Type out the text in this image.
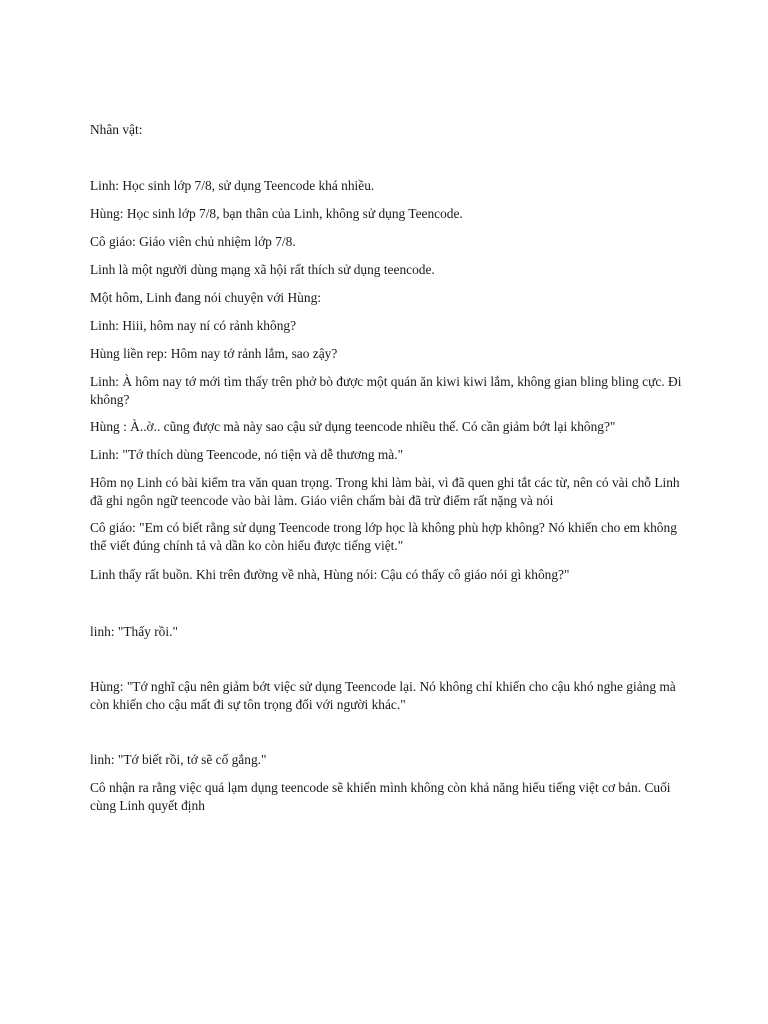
Nhân vật:

Linh: Học sinh lớp 7/8, sử dụng Teencode khá nhiều.

Hùng: Học sinh lớp 7/8, bạn thân của Linh, không sử dụng Teencode.

Cô giáo: Giáo viên chủ nhiệm lớp 7/8.

Linh là một người dùng mạng xã hội rất thích sử dụng teencode.

Một hôm, Linh đang nói chuyện với Hùng:

Linh: Hiii, hôm nay ní có rảnh không?

Hùng liền rep: Hôm nay tớ rảnh lắm, sao zậy?

Linh: À hôm nay tớ mới tìm thấy trên phở bò được một quán ăn kiwi kiwi lắm, không gian bling bling cực. Đi không?

Hùng : À..ờ.. cũng được mà này sao cậu sử dụng teencode nhiều thế. Có cần giảm bớt lại không?"

Linh: "Tớ thích dùng Teencode, nó tiện và dễ thương mà."

Hôm nọ Linh có bài kiểm tra văn quan trọng. Trong khi làm bài, vì đã quen ghi tắt các từ, nên có vài chỗ Linh đã ghi ngôn ngữ teencode vào bài làm. Giáo viên chấm bài đã trừ điểm rất nặng và nói

Cô giáo: "Em có biết rằng sử dụng Teencode trong lớp học là không phù hợp không? Nó khiến cho em không thể viết đúng chính tả và dần ko còn hiểu được tiếng việt."

Linh thấy rất buồn. Khi trên đường về nhà, Hùng nói: Cậu có thấy cô giáo nói gì không?"

linh: "Thấy rồi."

Hùng: "Tớ nghĩ cậu nên giảm bớt việc sử dụng Teencode lại. Nó không chỉ khiến cho cậu khó nghe giảng mà còn khiến cho cậu mất đi sự tôn trọng đối với người khác."

linh: "Tớ biết rồi, tớ sẽ cố gắng."

Cô nhận ra rằng việc quá lạm dụng teencode sẽ khiến mình không còn khả năng hiểu tiếng việt cơ bản. Cuối cùng Linh quyết định
